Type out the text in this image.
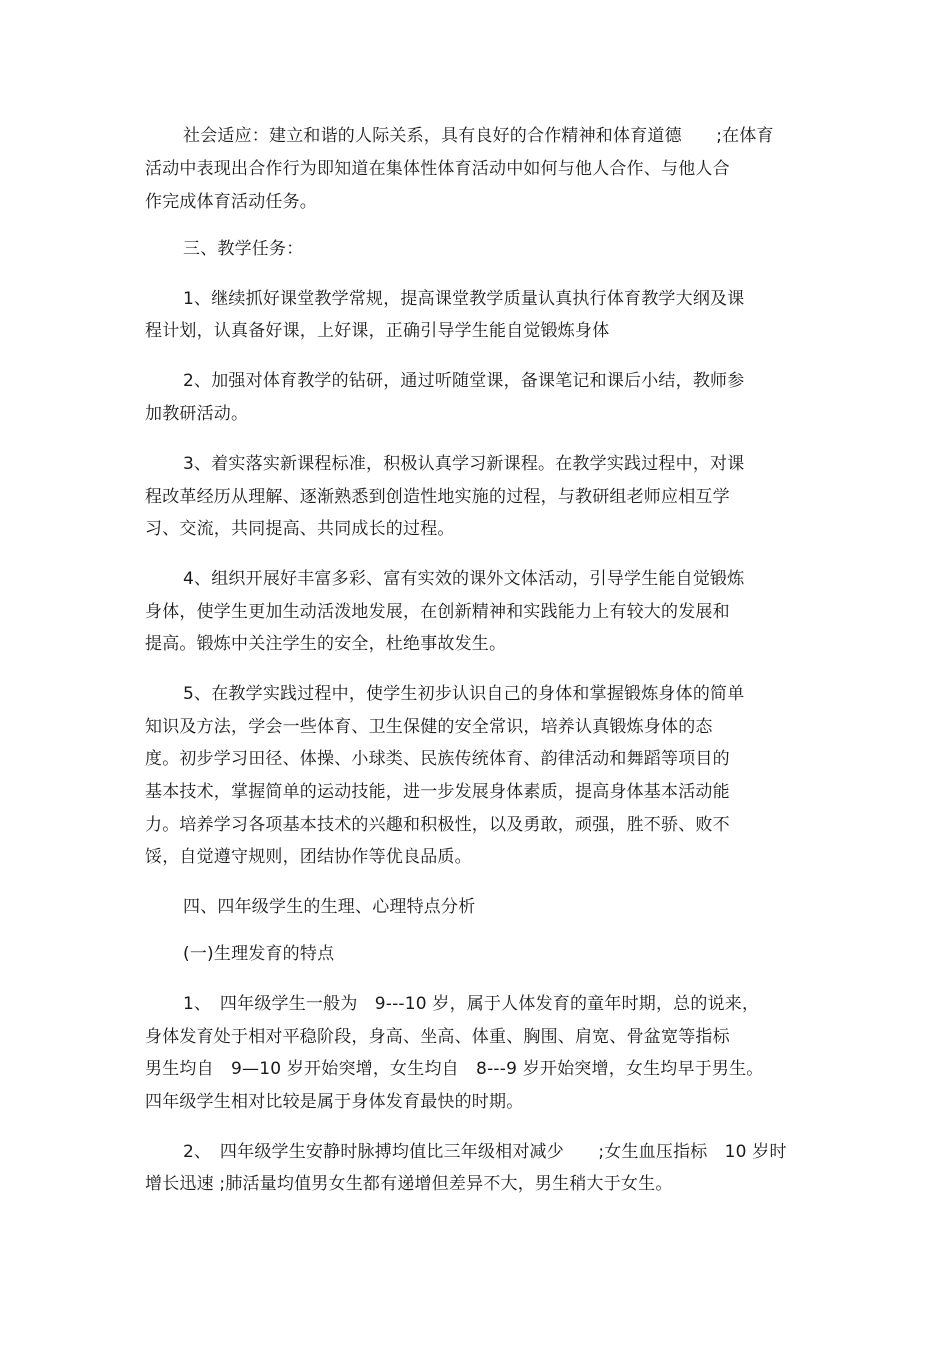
社会适应：建立和谐的人际关系，具有良好的合作精神和体育道德　　;在体育
活动中表现出合作行为即知道在集体性体育活动中如何与他人合作、与他人合
作完成体育活动任务。
三、教学任务：
1、继续抓好课堂教学常规，提高课堂教学质量认真执行体育教学大纲及课
程计划，认真备好课，上好课，正确引导学生能自觉锻炼身体
2、加强对体育教学的钻研，通过听随堂课，备课笔记和课后小结，教师参
加教研活动。
3、着实落实新课程标准，积极认真学习新课程。在教学实践过程中，对课
程改革经历从理解、逐渐熟悉到创造性地实施的过程，与教研组老师应相互学
习、交流，共同提高、共同成长的过程。
4、组织开展好丰富多彩、富有实效的课外文体活动，引导学生能自觉锻炼
身体，使学生更加生动活泼地发展，在创新精神和实践能力上有较大的发展和
提高。锻炼中关注学生的安全，杜绝事故发生。
5、在教学实践过程中，使学生初步认识自己的身体和掌握锻炼身体的简单
知识及方法，学会一些体育、卫生保健的安全常识，培养认真锻炼身体的态
度。初步学习田径、体操、小球类、民族传统体育、韵律活动和舞蹈等项目的
基本技术，掌握简单的运动技能，进一步发展身体素质，提高身体基本活动能
力。培养学习各项基本技术的兴趣和积极性，以及勇敢，顽强，胜不骄、败不
馁，自觉遵守规则，团结协作等优良品质。
四、四年级学生的生理、心理特点分析
(一)生理发育的特点
1、　四年级学生一般为　9---10 岁，属于人体发育的童年时期，总的说来，
身体发育处于相对平稳阶段，身高、坐高、体重、胸围、肩宽、骨盆宽等指标
男生均自　9—10 岁开始突增，女生均自　8---9 岁开始突增，女生均早于男生。
四年级学生相对比较是属于身体发育最快的时期。
2、　四年级学生安静时脉搏均值比三年级相对减少　　;女生血压指标　10 岁时
增长迅速 ;肺活量均值男女生都有递增但差异不大，男生稍大于女生。
